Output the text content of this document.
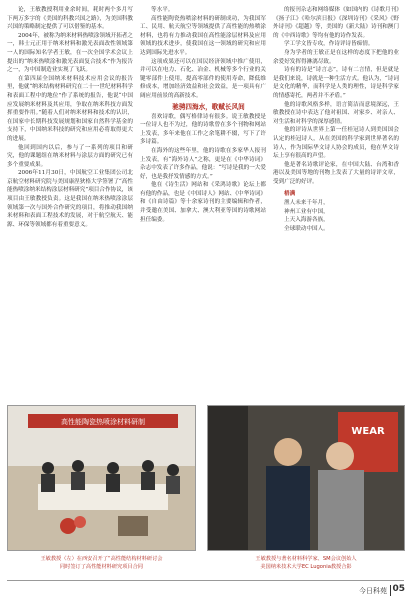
论，王敏教授利用业余时间，耗时两个多月写下两万多字的《美国的科教兴国之路》，为美国科教兴国的策略制定提供了可以借鉴的基本。

2004年，被称为纳米材料热喷涂领域开拓者之一，韩士元正用于纳米材料和激光表面改性领域第一人的国际知名学者王敏，在一次全国学术会议上提出的“纳米热喷涂和激光表面复合技术”作为报告之一，为中国制造业实现了飞跃。

在第四届全国纳米材料技术应用会议的报告里，他就“纳米结构材料研究在二十一世纪材料科学和表面工程中的地位”作了系统的报告，他说“中国应发展纳米材料及其应用，争取在纳米科技方面发挥重要作用。”随着人们对纳米材料和技术的认识，在国家中长期科技发展规划和国家自然科学基金的支持下，中国纳米科技的研究和应用必将取得更大的进展。

他回到国内以后，参与了一系列的项目和研究，他的课题组在纳米材料与涂层方面的研究已有多个重要成果。

2006年11月30日，中国航空工业集团公司北京航空材料研究院与美国康涅狄格大学签署了“高性能热喷涂纳米结构涂层材料研究”项目合作协议，该项目由王敏教授负责。这是我国在纳米热喷涂涂层领域第一次与国外合作研究的项目，将推动我国纳米材料和表面工程技术的发展，对于航空航天、能源、环保等领域都有着重要意义。

等水平。

高性能陶瓷热喷涂材料的研制成功，为我国军工、民用、航天航空等领域提供了高性能的热喷涂材料，也将有力推动我国在高性能涂层材料及应用领域的技术进步，使我国在这一领域的研究和应用达到国际先进水平。

这项成果还可以在国民经济领域中推广使用，并可以在电力、石化、冶金、机械等多个行业的关键零部件上使用，提高零部件的使用寿命，降低维修成本，增加经济效益和社会效益，是一项具有广阔应用前景的高新技术。

驰骋四海水，歌赋长风间

喜欢诗歌，偶写格律诗有很多。说王敏教授是一位诗人也不为过，他的诗歌曾在多个刊物和网站上发表，多年来他在工作之余笔耕不辍，写下了许多诗篇。

在海外的这些年里，他的诗歌在多家华人报刊上发表，有“海外诗人”之称，更是在《中华诗词》杂志中发表了许多作品，他说：“写诗是我的一大爱好，也是我抒发情感的方式。”

他在《诗生活》网站和《采鸿诗歌》论坛上都有他的作品，也是《中国诗人》网站、《中华诗词》和《自由诗篇》等十余家诗刊的主要编辑和作者，并受邀在美国、加拿大、澳大利亚等国的诗歌网站担任编委。

的报刊杂志和网络媒体《如国内的《诗歌月刊》《扬子江》《哈尔滨日报》《深圳诗刊》《采风》《野外诗刊》《超越》等，美国的《新大陆》诗刊和澳门的《中西诗歌》等均有他的诗作发表。

学工学文皆专攻，作诗评诗皆痴情。

身为学者的王敏正是在这样的态度下把他的业余爱好发挥得淋漓尽致。

诗有的诗是“诗言志”，诗有二言情，但是就是是我们来说，诗就是一种生活方式。他认为，“诗词是文化的精华，而科学是人类的理性，诗是科学家的情感寄托，两者并不矛盾。”

他的诗歌风格多样，语言简洁而意境深远，王敏教授在诗中表达了他对祖国、对家乡、对亲人、对生活和对科学的深厚感情。

他的评诗从世界上第一任桂冠诗人到美国国会认定的桂冠诗人，从在美国的科学家到世界著名的诗人，作为国际华文诗人协会的成员，他在华文诗坛上享有很高的声望。

他是著名诗歌评论家，在中国大陆、台湾和香港以及美国等地的刊物上发表了大量的诗评文章，受到广泛的好评。

梧满

渔人未来千年月，

神州工业有中国，

上天入海游各族，

全球联动中国人。

高性能陶瓷热喷涂材料研制
WEAR
王敏教授（左）在西安召开了“高性能结构材料研讨会
同时签订了高性能材料研究项目合同
王敏教授与著名材料科学家、SM会议创始人
美国纳米技术大学EC Lugonia教授合影
今日科苑 05
